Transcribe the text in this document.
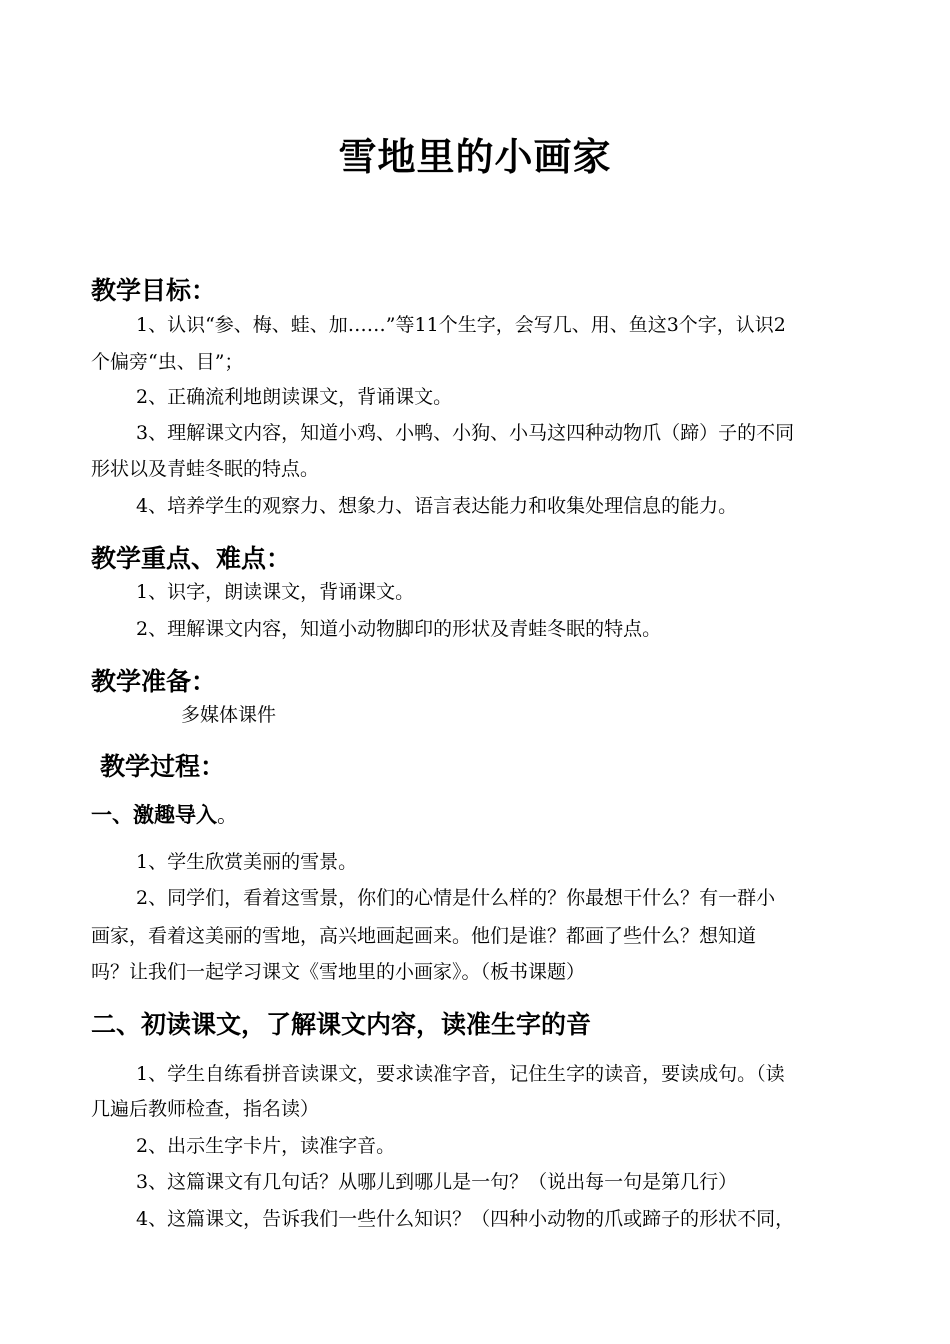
雪地里的小画家
教学目标：

1、认识“参、梅、蛙、加……”等11个生字，会写几、用、鱼这3个字，认识2

个偏旁“虫、目”；

2、正确流利地朗读课文，背诵课文。

3、理解课文内容，知道小鸡、小鸭、小狗、小马这四种动物爪（蹄）子的不同

形状以及青蛙冬眠的特点。

4、培养学生的观察力、想象力、语言表达能力和收集处理信息的能力。

教学重点、难点：

1、识字，朗读课文，背诵课文。

2、理解课文内容，知道小动物脚印的形状及青蛙冬眠的特点。

教学准备：

多媒体课件

教学过程：
一、激趣导入。

1、学生欣赏美丽的雪景。

2、同学们，看着这雪景，你们的心情是什么样的？你最想干什么？有一群小

画家，看着这美丽的雪地，高兴地画起画来。他们是谁？都画了些什么？想知道

吗？让我们一起学习课文《雪地里的小画家》。（板书课题）

二、初读课文，了解课文内容，读准生字的音

1、学生自练看拼音读课文，要求读准字音，记住生字的读音，要读成句。（读

几遍后教师检查，指名读）

2、出示生字卡片，读准字音。

3、这篇课文有几句话？从哪儿到哪儿是一句？（说出每一句是第几行）

4、这篇课文，告诉我们一些什么知识？（四种小动物的爪或蹄子的形状不同，
